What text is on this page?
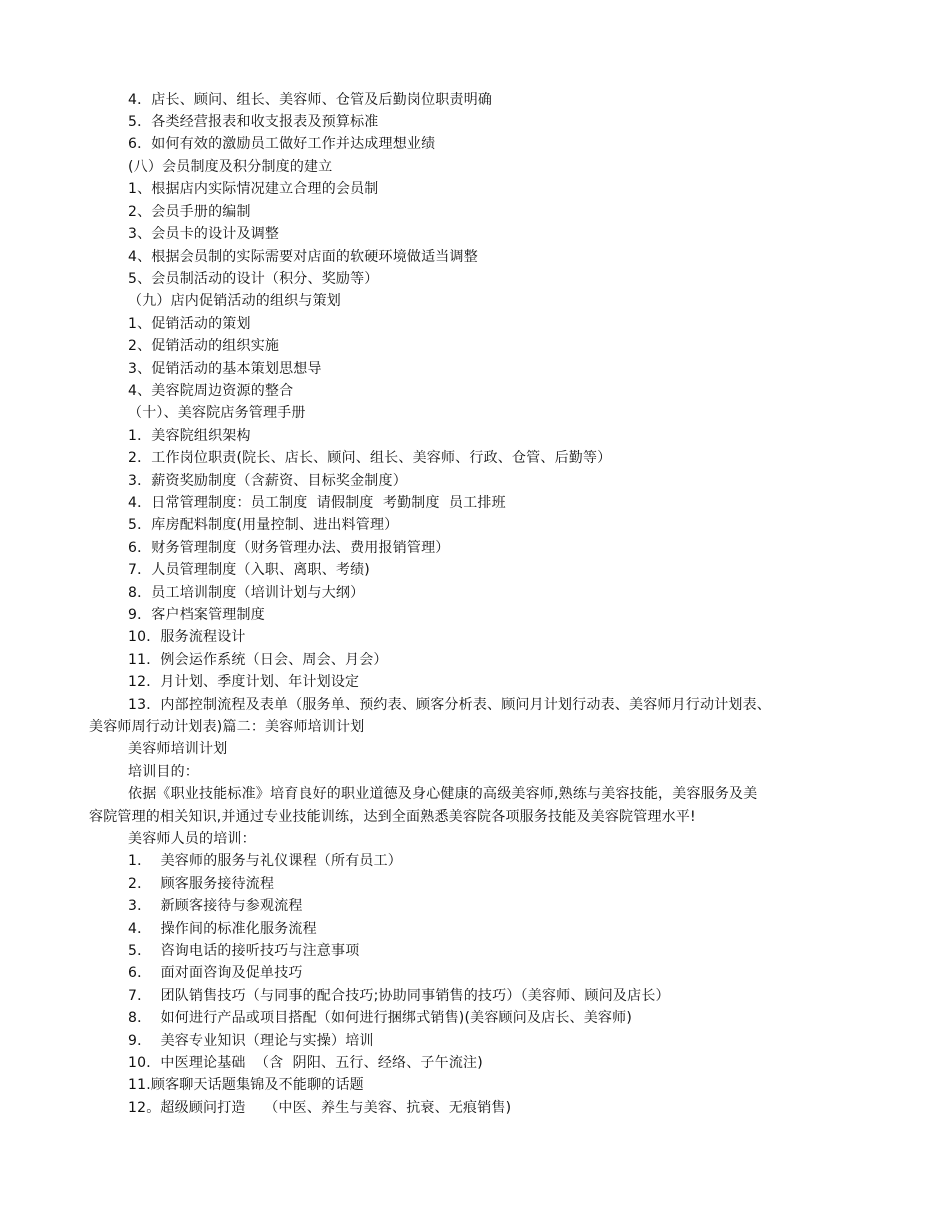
4．店长、顾问、组长、美容师、仓管及后勤岗位职责明确
5．各类经营报表和收支报表及预算标准
6．如何有效的激励员工做好工作并达成理想业绩
(八）会员制度及积分制度的建立
1、根据店内实际情况建立合理的会员制
2、会员手册的编制
3、会员卡的设计及调整
4、根据会员制的实际需要对店面的软硬环境做适当调整
5、会员制活动的设计（积分、奖励等）
（九）店内促销活动的组织与策划
1、促销活动的策划
2、促销活动的组织实施
3、促销活动的基本策划思想导
4、美容院周边资源的整合
（十）、美容院店务管理手册
1．美容院组织架构
2．工作岗位职责(院长、店长、顾问、组长、美容师、行政、仓管、后勤等）
3．薪资奖励制度（含薪资、目标奖金制度）
4．日常管理制度：员工制度  请假制度  考勤制度  员工排班
5．库房配料制度(用量控制、进出料管理）
6．财务管理制度（财务管理办法、费用报销管理）
7．人员管理制度（入职、离职、考绩)
8．员工培训制度（培训计划与大纲）
9．客户档案管理制度
10．服务流程设计
11．例会运作系统（日会、周会、月会）
12．月计划、季度计划、年计划设定
13．内部控制流程及表单（服务单、预约表、顾客分析表、顾问月计划行动表、美容师月行动计划表、
美容师周行动计划表)篇二：美容师培训计划
美容师培训计划
培训目的：
依据《职业技能标准》培育良好的职业道德及身心健康的高级美容师,熟练与美容技能，美容服务及美
容院管理的相关知识,并通过专业技能训练，达到全面熟悉美容院各项服务技能及美容院管理水平!
美容师人员的培训：
1．  美容师的服务与礼仪课程（所有员工）
2．  顾客服务接待流程
3．  新顾客接待与参观流程
4．  操作间的标准化服务流程
5．  咨询电话的接听技巧与注意事项
6．  面对面咨询及促单技巧
7．  团队销售技巧（与同事的配合技巧;协助同事销售的技巧）（美容师、顾问及店长）
8．  如何进行产品或项目搭配（如何进行捆绑式销售)(美容顾问及店长、美容师)
9．  美容专业知识（理论与实操）培训
10．中医理论基础  （含  阴阳、五行、经络、子午流注)
11.顾客聊天话题集锦及不能聊的话题
12。超级顾问打造    （中医、养生与美容、抗衰、无痕销售)
